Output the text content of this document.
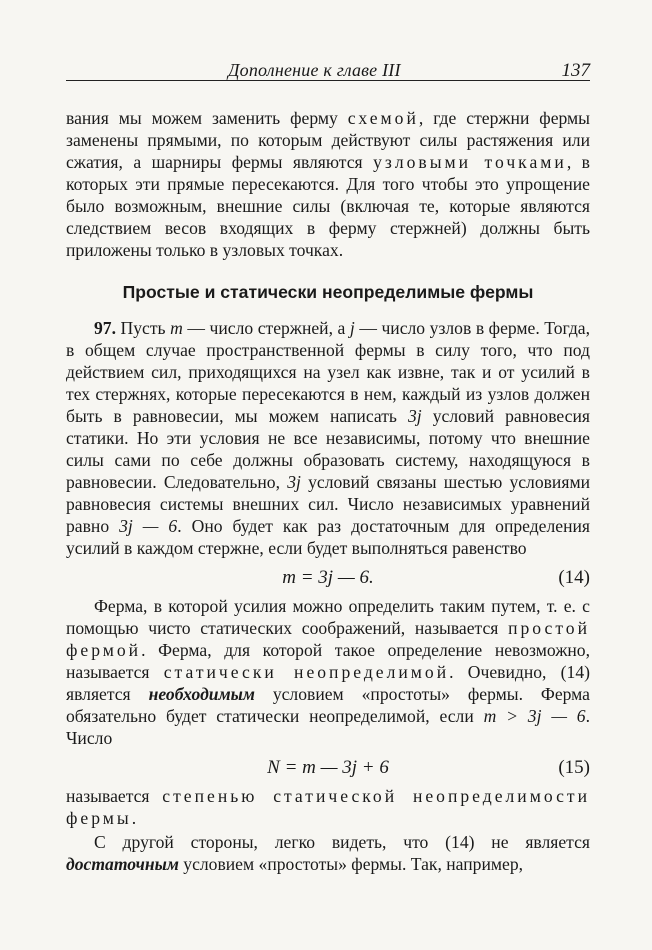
Дополнение к главе III	137

вания мы можем заменить ферму схемой, где стержни фермы заменены прямыми, по которым действуют силы растяжения или сжатия, а шарниры фермы являются узловыми точками, в которых эти прямые пересекаются. Для того чтобы это упрощение было возможным, внешние силы (включая те, которые являются следствием весов входящих в ферму стержней) должны быть приложены только в узловых точках.

Простые и статически неопределимые фермы

97. Пусть m — число стержней, а j — число узлов в ферме. Тогда, в общем случае пространственной фермы в силу того, что под действием сил, приходящихся на узел как извне, так и от усилий в тех стержнях, которые пересекаются в нем, каждый из узлов должен быть в равновесии, мы можем написать 3j условий равновесия статики. Но эти условия не все независимы, потому что внешние силы сами по себе должны образовать систему, находящуюся в равновесии. Следовательно, 3j условий связаны шестью условиями равновесия системы внешних сил. Число независимых уравнений равно 3j — 6. Оно будет как раз достаточным для определения усилий в каждом стержне, если будет выполняться равенство

m = 3j — 6.	(14)

Ферма, в которой усилия можно определить таким путем, т. е. с помощью чисто статических соображений, называется простой фермой. Ферма, для которой такое определение невозможно, называется статически неопределимой. Очевидно, (14) является необходимым условием «простоты» фермы. Ферма обязательно будет статически неопределимой, если m > 3j — 6. Число

N = m — 3j + 6	(15)

называется степенью статической неопределимости фермы.

С другой стороны, легко видеть, что (14) не является достаточным условием «простоты» фермы. Так, например,
